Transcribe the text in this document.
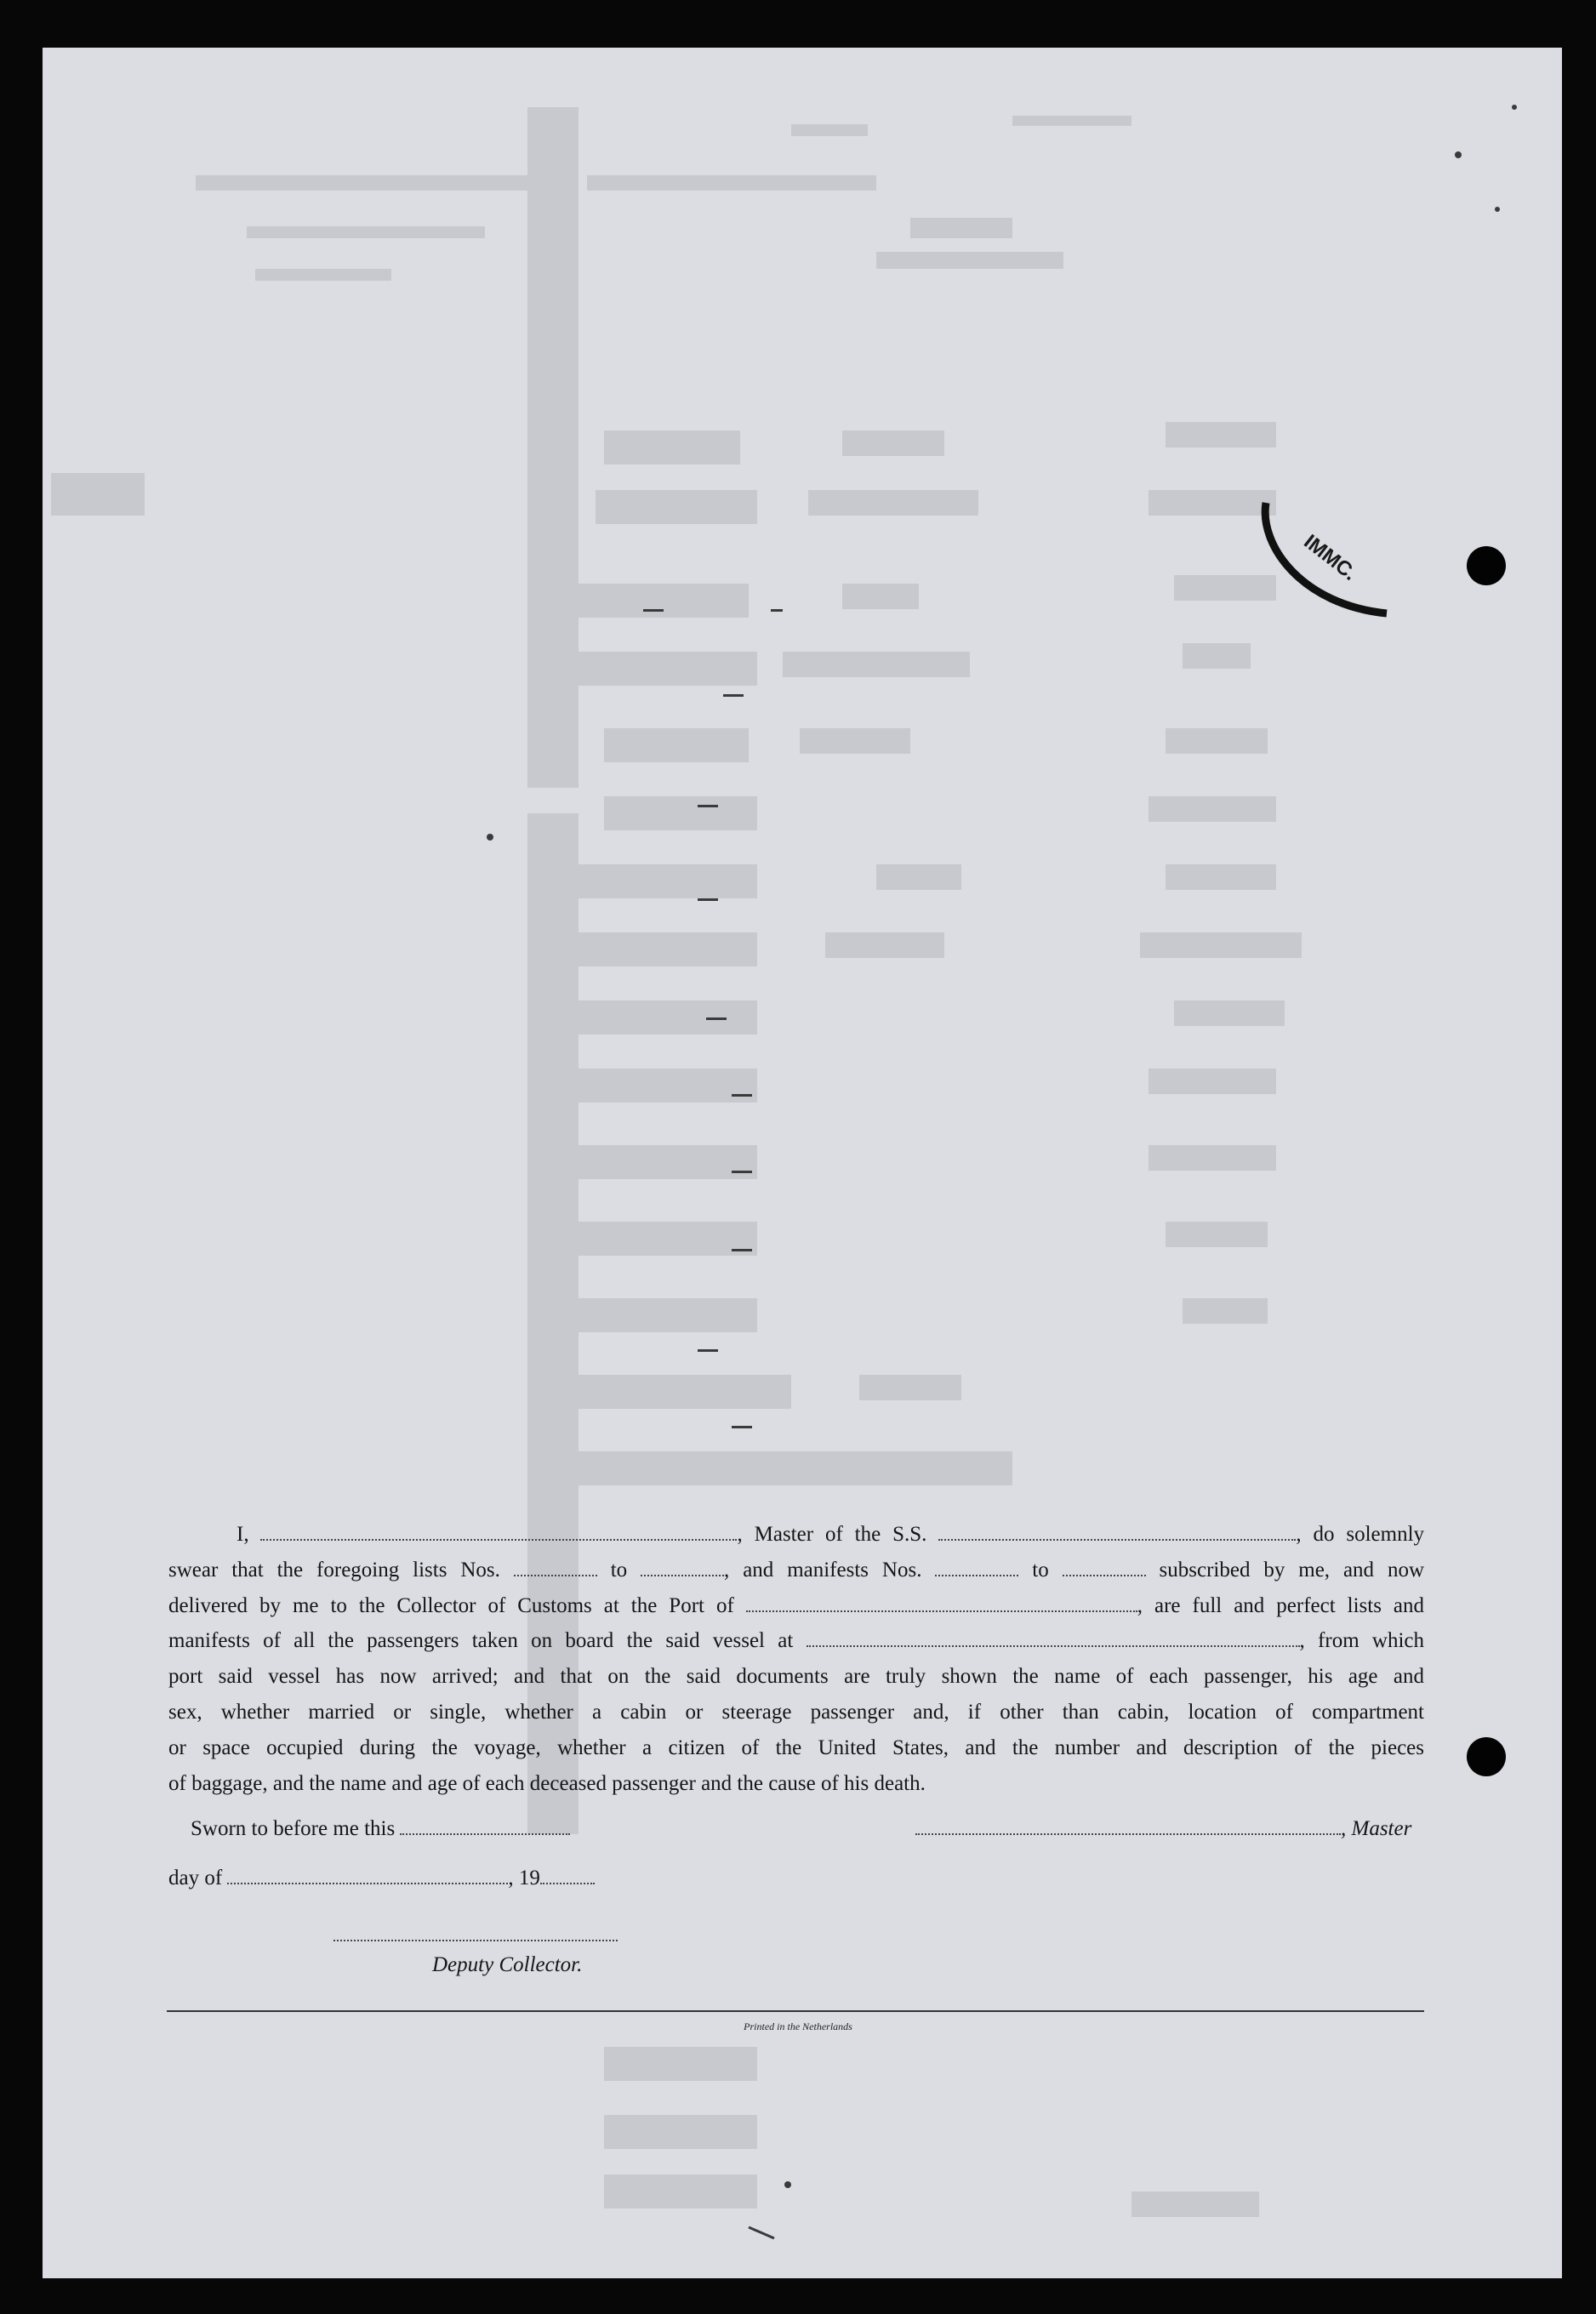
IMMC.

I,	, Master of the S.S.	, do solemnly

swear that the foregoing lists Nos.	to	, and manifests Nos.	to	subscribed by me, and now

delivered by me to the Collector of Customs at the Port of	, are full and perfect lists and

manifests of all the passengers taken on board the said vessel at	, from which

port said vessel has now arrived; and that on the said documents are truly shown the name of each passenger, his age and

sex, whether married or single, whether a cabin or steerage passenger and, if other than cabin, location of compartment

or space occupied during the voyage, whether a citizen of the United States, and the number and description of the pieces

of baggage, and the name and age of each deceased passenger and the cause of his death.

Sworn to before me this	, Master
day of	, 19
Deputy Collector.
Printed in the Netherlands
